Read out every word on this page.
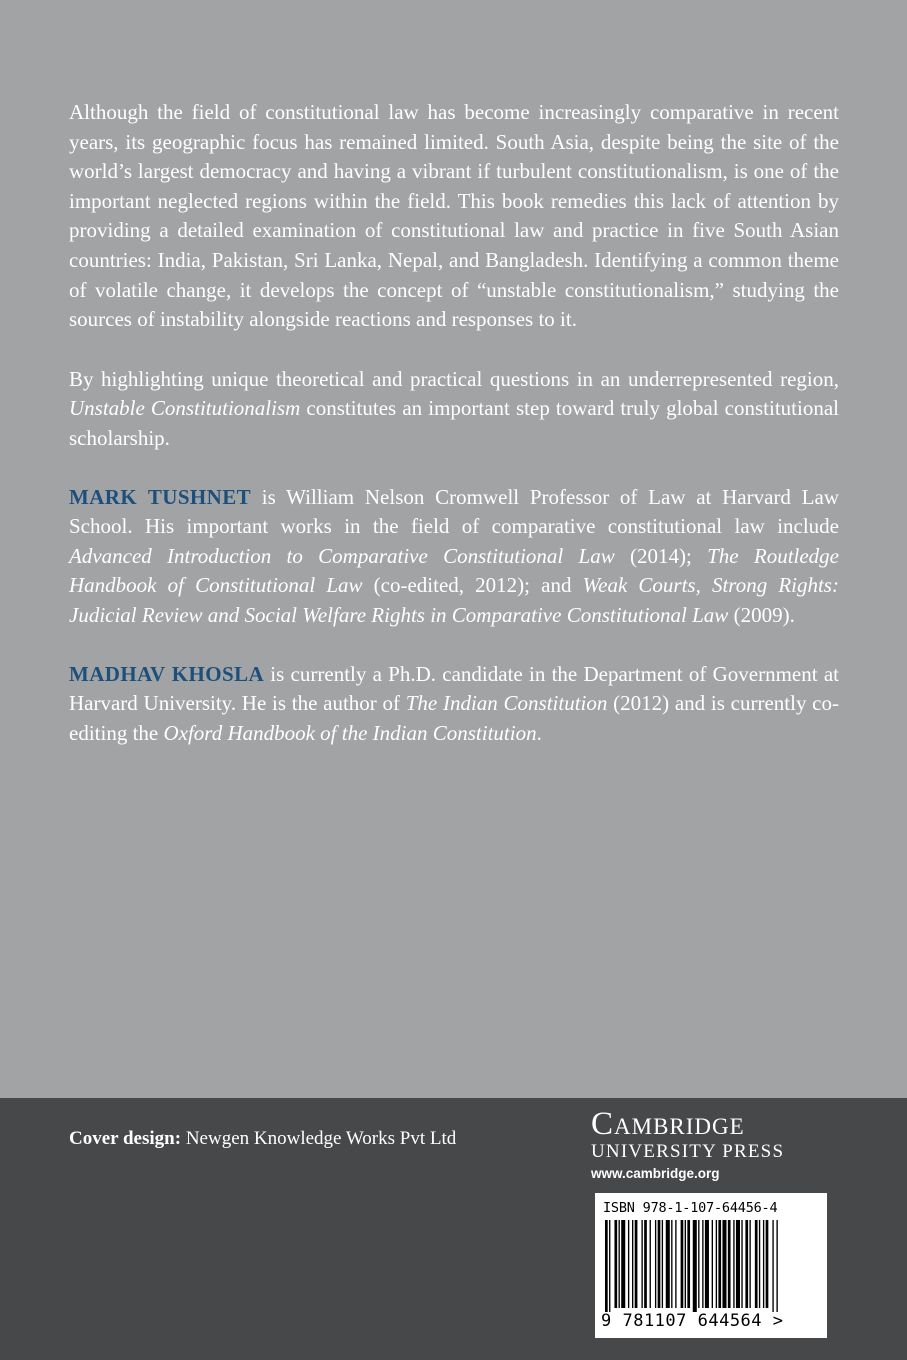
Although the field of constitutional law has become increasingly comparative in recent years, its geographic focus has remained limited. South Asia, despite being the site of the world’s largest democracy and having a vibrant if turbulent constitutionalism, is one of the important neglected regions within the field. This book remedies this lack of attention by providing a detailed examination of constitutional law and practice in five South Asian countries: India, Pakistan, Sri Lanka, Nepal, and Bangladesh. Identifying a common theme of volatile change, it develops the concept of “unstable constitutionalism,” studying the sources of instability alongside reactions and responses to it.

By highlighting unique theoretical and practical questions in an underrepresented region, Unstable Constitutionalism constitutes an important step toward truly global constitutional scholarship.

MARK TUSHNET is William Nelson Cromwell Professor of Law at Harvard Law School. His important works in the field of comparative constitutional law include Advanced Introduction to Comparative Constitutional Law (2014); The Routledge Handbook of Constitutional Law (co-edited, 2012); and Weak Courts, Strong Rights: Judicial Review and Social Welfare Rights in Comparative Constitutional Law (2009).

MADHAV KHOSLA is currently a Ph.D. candidate in the Department of Government at Harvard University. He is the author of The Indian Constitution (2012) and is currently co-editing the Oxford Handbook of the Indian Constitution.

Cover design: Newgen Knowledge Works Pvt Ltd	Cambridge
UNIVERSITY PRESS
www.cambridge.org
ISBN 978-1-107-64456-4
9 781107 644564 >
